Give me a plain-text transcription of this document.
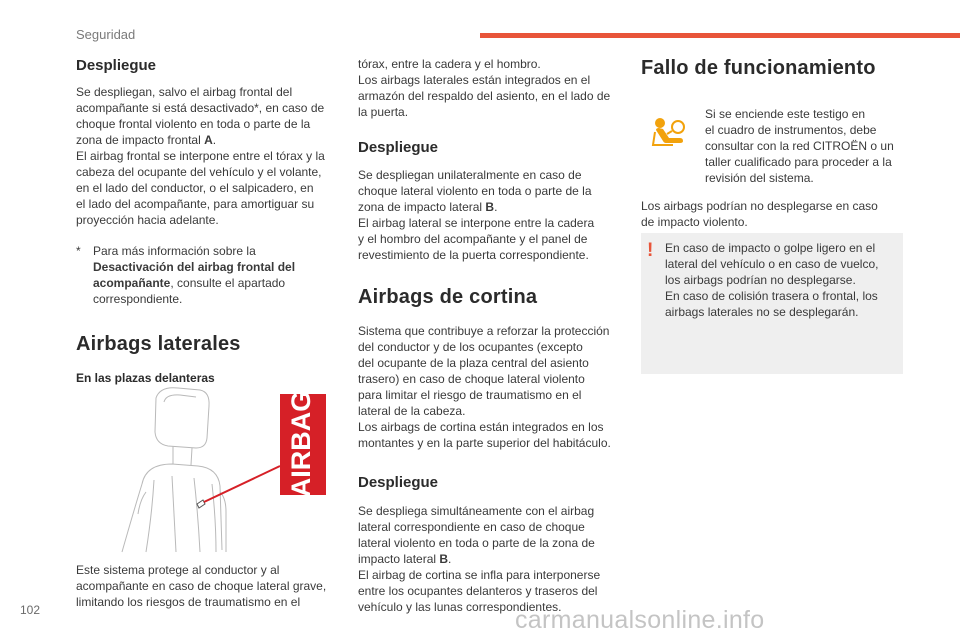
Seguridad
Despliegue

Se despliegan, salvo el airbag frontal del
acompañante si está desactivado*, en caso de
choque frontal violento en toda o parte de la
zona de impacto frontal A.
El airbag frontal se interpone entre el tórax y la
cabeza del ocupante del vehículo y el volante,
en el lado del conductor, o el salpicadero, en
el lado del acompañante, para amortiguar su
proyección hacia adelante.

*	Para más información sobre la
Desactivación del airbag frontal del acompañante, consulte el apartado correspondiente.

Airbags laterales
En las plazas delanteras
AIRBAG

Este sistema protege al conductor y al
acompañante en caso de choque lateral grave,
limitando los riesgos de traumatismo en el

tórax, entre la cadera y el hombro.
Los airbags laterales están integrados en el
armazón del respaldo del asiento, en el lado de
la puerta.

Despliegue

Se despliegan unilateralmente en caso de
choque lateral violento en toda o parte de la
zona de impacto lateral B.
El airbag lateral se interpone entre la cadera
y el hombro del acompañante y el panel de
revestimiento de la puerta correspondiente.

Airbags de cortina

Sistema que contribuye a reforzar la protección
del conductor y de los ocupantes (excepto
del ocupante de la plaza central del asiento
trasero) en caso de choque lateral violento
para limitar el riesgo de traumatismo en el
lateral de la cabeza.
Los airbags de cortina están integrados en los
montantes y en la parte superior del habitáculo.

Despliegue

Se despliega simultáneamente con el airbag
lateral correspondiente en caso de choque
lateral violento en toda o parte de la zona de
impacto lateral B.
El airbag de cortina se infla para interponerse
entre los ocupantes delanteros y traseros del
vehículo y las lunas correspondientes.

Fallo de funcionamiento

Si se enciende este testigo en
el cuadro de instrumentos, debe
consultar con la red CITROËN o un
taller cualificado para proceder a la
revisión del sistema.

Los airbags podrían no desplegarse en caso
de impacto violento.

! En caso de impacto o golpe ligero en el
lateral del vehículo o en caso de vuelco,
los airbags podrían no desplegarse.
En caso de colisión trasera o frontal, los
airbags laterales no se desplegarán.

102	carmanualsonline.info
